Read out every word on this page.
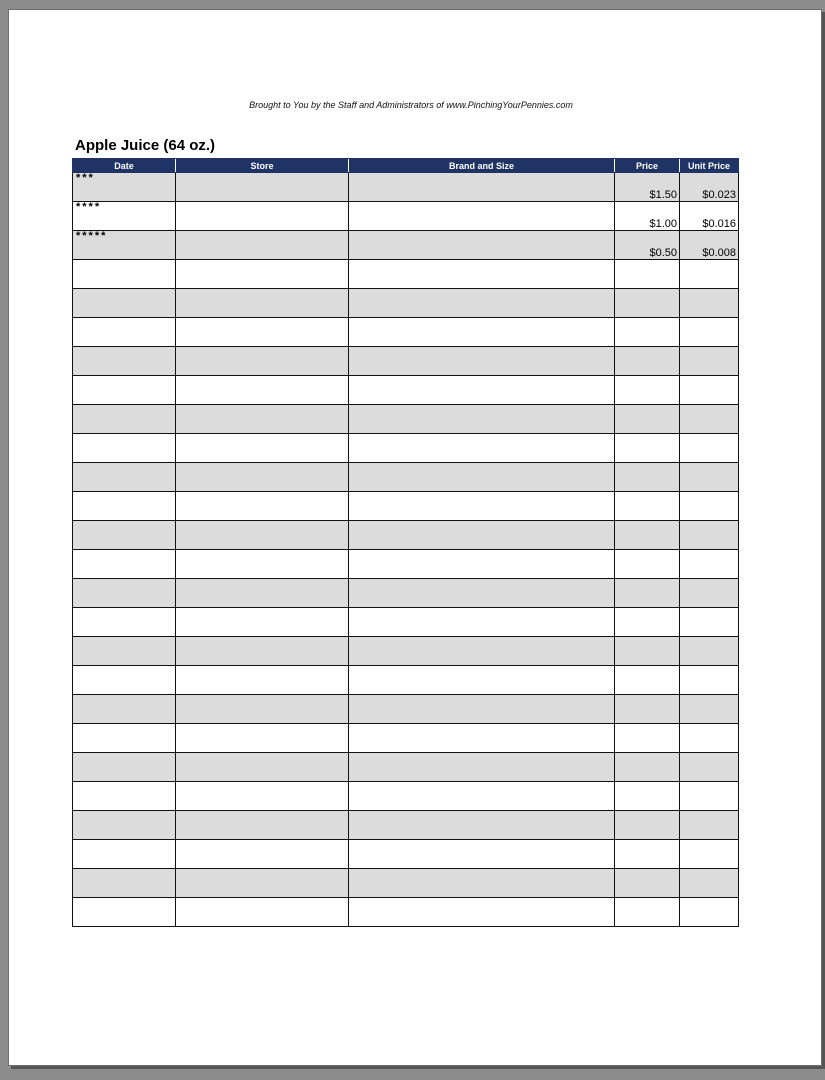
Brought to You by the Staff and Administrators of www.PinchingYourPennies.com
Apple Juice (64 oz.)
Date	Store	Brand and Size	Price	Unit Price
***			$1.50	$0.023
****			$1.00	$0.016
*****			$0.50	$0.008
